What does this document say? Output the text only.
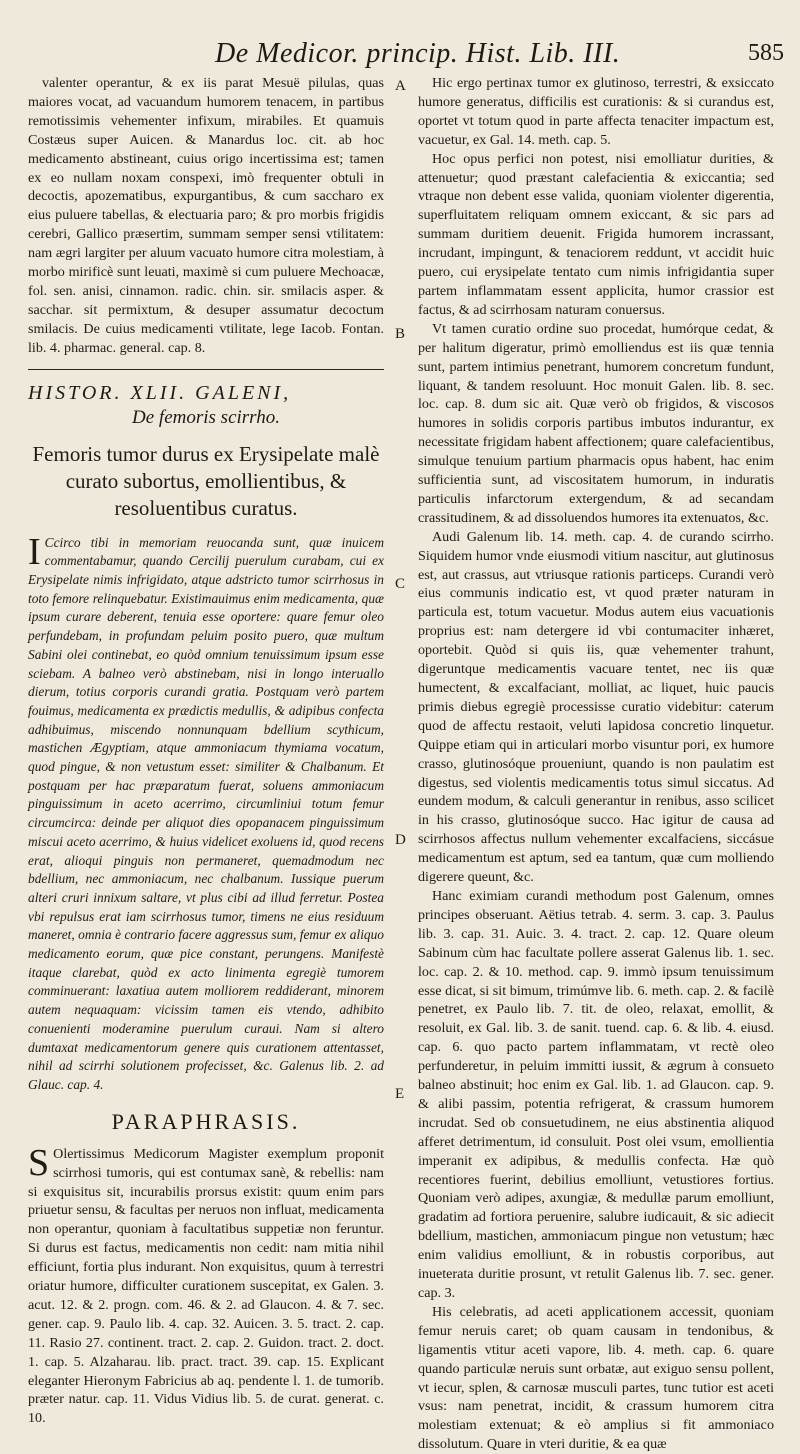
De Medicor. princip. Hist. Lib. III.	585

valenter operantur, & ex iis parat Mesuë pilulas, quas maiores vocat, ad vacuandum humorem tenacem, in partibus remotissimis vehementer infixum, mirabiles. Et quamuis Costæus super Auicen. & Manardus loc. cit. ab hoc medicamento abstineant, cuius origo incertissima est; tamen ex eo nullam noxam conspexi, imò frequenter obtuli in decoctis, apozematibus, expurgantibus, & cum saccharo ex eius puluere tabellas, & electuaria paro; & pro morbis frigidis cerebri, Gallico præsertim, summam semper sensi vtilitatem: nam ægri largiter per aluum vacuato humore citra molestiam, à morbo mirificè sunt leuati, maximè si cum puluere Mechoacæ, fol. sen. anisi, cinnamon. radic. chin. sir. smilacis asper. & sacchar. sit permixtum, & desuper assumatur decoctum smilacis. De cuius medicamenti vtilitate, lege Iacob. Fontan. lib. 4. pharmac. general. cap. 8.

HISTOR. XLII. GALENI,
De femoris scirrho.
Femoris tumor durus ex Erysipelate malè curato subortus, emollientibus, & resoluentibus curatus.
I Ccirco tibi in memoriam reuocanda sunt, quæ inuicem commentabamur, quando Cercilij puerulum curabam, cui ex Erysipelate nimis infrigidato, atque adstricto tumor scirrhosus in toto femore relinquebatur. Existimauimus enim medicamenta, quæ ipsum curare deberent, tenuia esse oportere: quare femur oleo perfundebam, in profundam peluim posito puero, quæ multum Sabini olei continebat, eo quòd omnium tenuissimum ipsum esse sciebam. A balneo verò abstinebam, nisi in longo interuallo dierum, totius corporis curandi gratia. Postquam verò partem fouimus, medicamenta ex prædictis medullis, & adipibus confecta adhibuimus, miscendo nonnunquam bdellium scythicum, mastichen Ægyptiam, atque ammoniacum thymiama vocatum, quod pingue, & non vetustum esset: similiter & Chalbanum. Et postquam per hac præparatum fuerat, soluens ammoniacum pinguissimum in aceto acerrimo, circumliniui totum femur circumcirca: deinde per aliquot dies opopanacem pinguissimum miscui aceto acerrimo, & huius videlicet exoluens id, quod recens erat, alioqui pinguis non permaneret, quemadmodum nec bdellium, nec ammoniacum, nec chalbanum. Iussique puerum alteri cruri innixum saltare, vt plus cibi ad illud ferretur. Postea vbi repulsus erat iam scirrhosus tumor, timens ne eius residuum maneret, omnia è contrario facere aggressus sum, femur ex aliquo medicamento eorum, quæ pice constant, perungens. Manifestè itaque clarebat, quòd ex acto linimenta egregiè tumorem comminuerant: laxatiua autem molliorem reddiderant, minorem autem nequaquam: vicissim tamen eis vtendo, adhibito conuenienti moderamine puerulum curaui. Nam si altero dumtaxat medicamentorum genere quis curationem attentasset, nihil ad scirrhi solutionem profecisset, &c. Galenus lib. 2. ad Glauc. cap. 4.

PARAPHRASIS.
S Olertissimus Medicorum Magister exemplum proponit scirrhosi tumoris, qui est contumax sanè, & rebellis: nam si exquisitus sit, incurabilis prorsus existit: quum enim pars priuetur sensu, & facultas per neruos non influat, medicamenta non operantur, quoniam à facultatibus suppetiæ non feruntur. Si durus est factus, medicamentis non cedit: nam mitia nihil efficiunt, fortia plus indurant. Non exquisitus, quum à terrestri oriatur humore, difficulter curationem suscepitat, ex Galen. 3. acut. 12. & 2. progn. com. 46. & 2. ad Glaucon. 4. & 7. sec. gener. cap. 9. Paulo lib. 4. cap. 32. Auicen. 3. 5. tract. 2. cap. 11. Rasio 27. continent. tract. 2. cap. 2. Guidon. tract. 2. doct. 1. cap. 5. Alzaharau. lib. pract. tract. 39. cap. 15. Explicant eleganter Hieronym Fabricius ab aq. pendente l. 1. de tumorib. præter natur. cap. 11. Vidus Vidius lib. 5. de curat. generat. c. 10.

A
B
C
D
E

Hic ergo pertinax tumor ex glutinoso, terrestri, & exsiccato humore generatus, difficilis est curationis: & si curandus est, oportet vt totum quod in parte affecta tenaciter impactum est, vacuetur, ex Gal. 14. meth. cap. 5.

Hoc opus perfici non potest, nisi emolliatur durities, & attenuetur; quod præstant calefacientia & exiccantia; sed vtraque non debent esse valida, quoniam violenter digerentia, superfluitatem reliquam omnem exiccant, & sic pars ad summam duritiem deuenit. Frigida humorem incrassant, incrudant, impingunt, & tenaciorem reddunt, vt accidit huic puero, cui erysipelate tentato cum nimis infrigidantia super partem inflammatam essent applicita, humor crassior est factus, & ad scirrhosam naturam conuersus.

Vt tamen curatio ordine suo procedat, humórque cedat, & per halitum digeratur, primò emolliendus est iis quæ tennia sunt, partem intimius penetrant, humorem concretum fundunt, liquant, & tandem resoluunt. Hoc monuit Galen. lib. 8. sec. loc. cap. 8. dum sic ait. Quæ verò ob frigidos, & viscosos humores in solidis corporis partibus imbutos indurantur, ex necessitate frigidam habent affectionem; quare calefacientibus, simulque tenuium partium pharmacis opus habent, hac enim sufficientia sunt, ad viscositatem humorum, in induratis particulis infarctorum extergendum, & ad secandam crassitudinem, & ad dissoluendos humores ita extenuatos, &c.

Audi Galenum lib. 14. meth. cap. 4. de curando scirrho. Siquidem humor vnde eiusmodi vitium nascitur, aut glutinosus est, aut crassus, aut vtriusque rationis particeps. Curandi verò eius communis indicatio est, vt quod præter naturam in particula est, totum vacuetur. Modus autem eius vacuationis proprius est: nam detergere id vbi contumaciter inhæret, oportebit. Quòd si quis iis, quæ vehementer trahunt, digeruntque medicamentis vacuare tentet, nec iis quæ humectent, & excalfaciant, molliat, ac liquet, huic paucis primis diebus egregiè processisse curatio videbitur: caterum quod de affectu restaoit, veluti lapidosa concretio linquetur. Quippe etiam qui in articulari morbo visuntur pori, ex humore crasso, glutinosóque proueniunt, quando is non paulatim est digestus, sed violentis medicamentis totus simul siccatus. Ad eundem modum, & calculi generantur in renibus, asso scilicet in his crasso, glutinosóque succo. Hac igitur de causa ad scirrhosos affectus nullum vehementer excalfaciens, siccásue medicamentum est aptum, sed ea tantum, quæ cum molliendo digerere queunt, &c.

Hanc eximiam curandi methodum post Galenum, omnes principes obseruant. Aëtius tetrab. 4. serm. 3. cap. 3. Paulus lib. 3. cap. 31. Auic. 3. 4. tract. 2. cap. 12. Quare oleum Sabinum cùm hac facultate pollere asserat Galenus lib. 1. sec. loc. cap. 2. & 10. method. cap. 9. immò ipsum tenuissimum esse dicat, si sit bimum, trimúmve lib. 6. meth. cap. 2. & facilè penetret, ex Paulo lib. 7. tit. de oleo, relaxat, emollit, & resoluit, ex Gal. lib. 3. de sanit. tuend. cap. 6. & lib. 4. eiusd. cap. 6. quo pacto partem inflammatam, vt rectè oleo perfunderetur, in peluim immitti iussit, & ægrum à consueto balneo abstinuit; hoc enim ex Gal. lib. 1. ad Glaucon. cap. 9. & alibi passim, potentia refrigerat, & crassum humorem incrudat. Sed ob consuetudinem, ne eius abstinentia aliquod afferet detrimentum, id consuluit. Post olei vsum, emollientia imperanit ex adipibus, & medullis confecta. Hæ quò recentiores fuerint, debilius emolliunt, vetustiores fortius. Quoniam verò adipes, axungiæ, & medullæ parum emolliunt, gradatim ad fortiora peruenire, salubre iudicauit, & sic adiecit bdellium, mastichen, ammoniacum pingue non vetustum; hæc enim validius emolliunt, & in robustis corporibus, aut inueterata duritie prosunt, vt retulit Galenus lib. 7. sec. gener. cap. 3.

His celebratis, ad aceti applicationem accessit, quoniam femur neruis caret; ob quam causam in tendonibus, & ligamentis vtitur aceti vapore, lib. 4. meth. cap. 6. quare quando particulæ neruis sunt orbatæ, aut exiguo sensu pollent, vt iecur, splen, & carnosæ musculi partes, tunc tutior est aceti vsus: nam penetrat, incidit, & crassum humorem citra molestiam extenuat; & eò amplius si fit ammoniaco dissolutum. Quare in vteri duritie, & ea quæ
